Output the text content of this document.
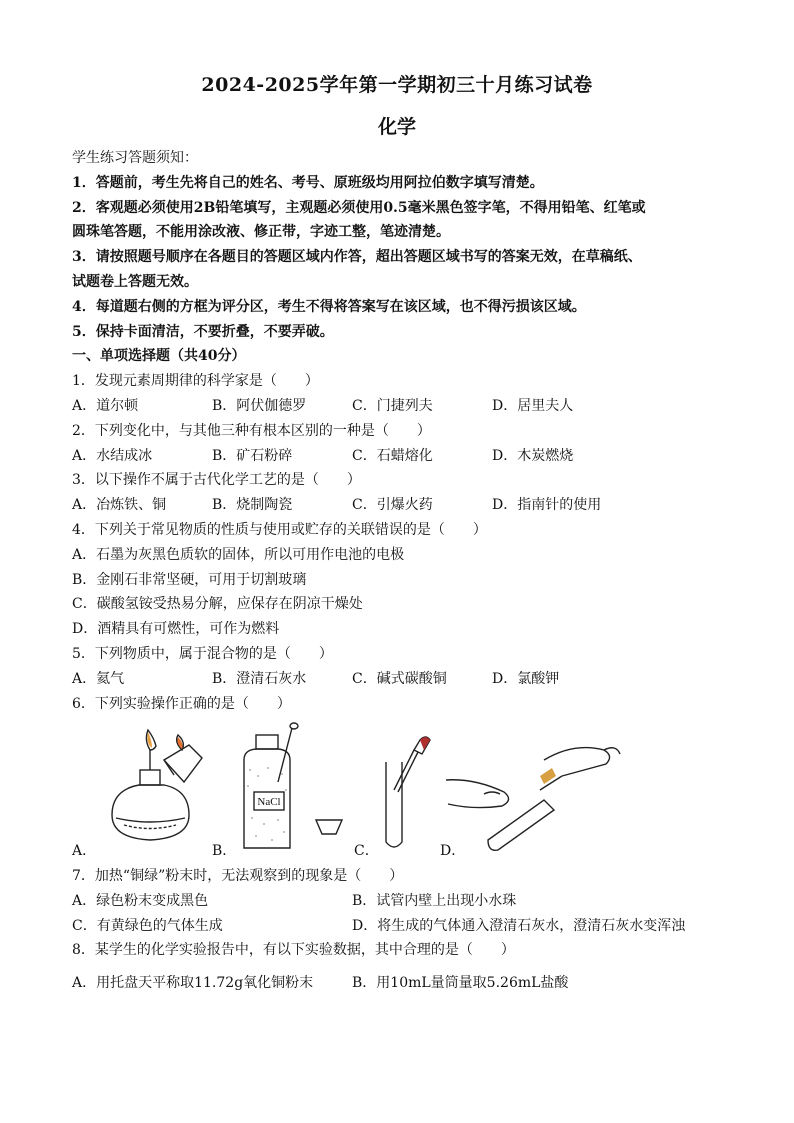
2024-2025学年第一学期初三十月练习试卷
化学
学生练习答题须知：
1．答题前，考生先将自己的姓名、考号、原班级均用阿拉伯数字填写清楚。
2．客观题必须使用2B铅笔填写，主观题必须使用0.5毫米黑色签字笔，不得用铅笔、红笔或
圆珠笔答题，不能用涂改液、修正带，字迹工整，笔迹清楚。
3．请按照题号顺序在各题目的答题区域内作答，超出答题区域书写的答案无效，在草稿纸、
试题卷上答题无效。
4．每道题右侧的方框为评分区，考生不得将答案写在该区域，也不得污损该区域。
5．保持卡面清洁，不要折叠，不要弄破。
一、单项选择题（共40分）
1．发现元素周期律的科学家是（　　）
A．道尔顿	B．阿伏伽德罗	C．门捷列夫	D．居里夫人
2．下列变化中，与其他三种有根本区别的一种是（　　）
A．水结成冰	B．矿石粉碎	C．石蜡熔化	D．木炭燃烧
3．以下操作不属于古代化学工艺的是（　　）
A．冶炼铁、铜	B．烧制陶瓷	C．引爆火药	D．指南针的使用
4．下列关于常见物质的性质与使用或贮存的关联错误的是（　　）
A．石墨为灰黑色质软的固体，所以可用作电池的电极
B．金刚石非常坚硬，可用于切割玻璃
C．碳酸氢铵受热易分解，应保存在阴凉干燥处
D．酒精具有可燃性，可作为燃料
5．下列物质中，属于混合物的是（　　）
A．氦气	B．澄清石灰水	C．碱式碳酸铜	D．氯酸钾
6．下列实验操作正确的是（　　）
A．
NaCl
B．	C．	D．
7．加热“铜绿”粉末时，无法观察到的现象是（　　）
A．绿色粉末变成黑色	B．试管内壁上出现小水珠
C．有黄绿色的气体生成	D．将生成的气体通入澄清石灰水，澄清石灰水变浑浊
8．某学生的化学实验报告中，有以下实验数据，其中合理的是（　　）
A．用托盘天平称取11.72g氧化铜粉末	B．用10mL量筒量取5.26mL盐酸
